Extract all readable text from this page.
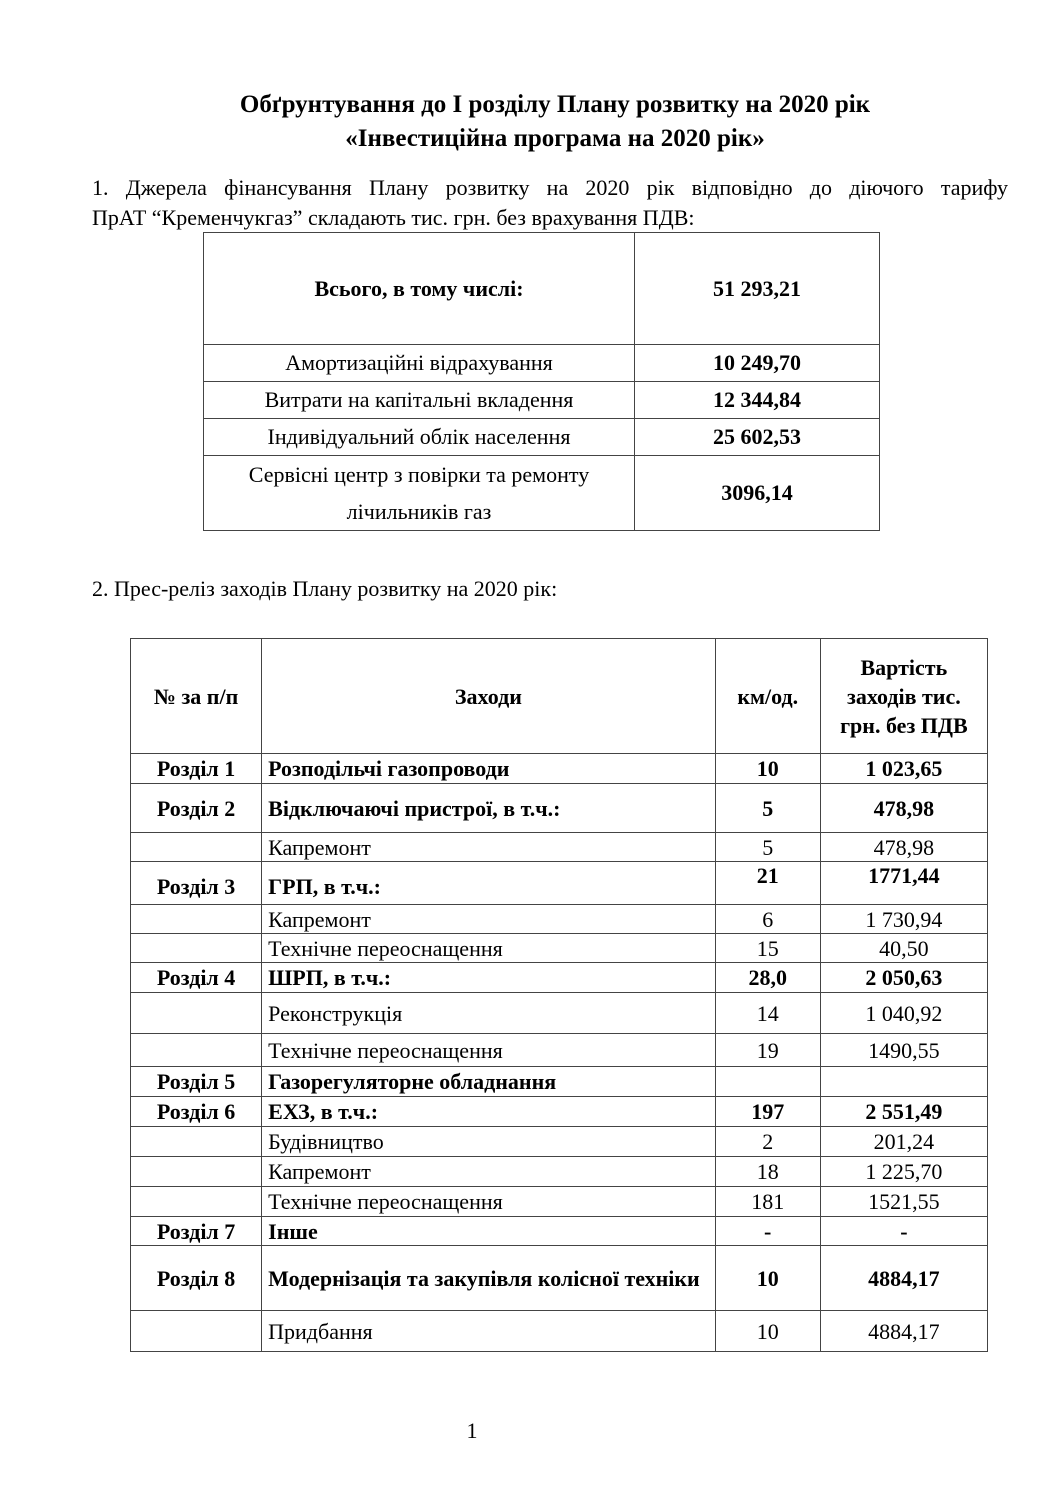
Обґрунтування до І розділу Плану розвитку на 2020 рік
«Інвестиційна програма на 2020 рік»
1. Джерела фінансування Плану розвитку на 2020 рік відповідно до діючого тарифу
ПрАТ “Кременчукгаз” складають тис. грн. без врахування ПДВ:
Всього, в тому числі:	51 293,21
Амортизаційні відрахування	10 249,70
Витрати на капітальні вкладення	12 344,84
Індивідуальний облік населення	25 602,53
Сервісні центр з повірки та ремонту лічильників газ	3096,14
2. Прес-реліз заходів Плану розвитку на 2020 рік:
№ за п/п	Заходи	км/од.	Вартість заходів тис. грн. без ПДВ
Розділ 1	Розподільчі газопроводи	10	1 023,65
Розділ 2	Відключаючі пристрої, в т.ч.:	5	478,98
	Капремонт	5	478,98
Розділ 3	ГРП, в т.ч.:	21	1771,44
	Капремонт	6	1 730,94
	Технічне переоснащення	15	40,50
Розділ 4	ШРП, в т.ч.:	28,0	2 050,63
	Реконструкція	14	1 040,92
	Технічне переоснащення	19	1490,55
Розділ 5	Газорегуляторне обладнання		
Розділ 6	ЕХЗ, в т.ч.:	197	2 551,49
	Будівництво	2	201,24
	Капремонт	18	1 225,70
	Технічне переоснащення	181	1521,55
Розділ 7	Інше	-	-
Розділ 8	Модернізація та закупівля колісної техніки	10	4884,17
	Придбання	10	4884,17
1
